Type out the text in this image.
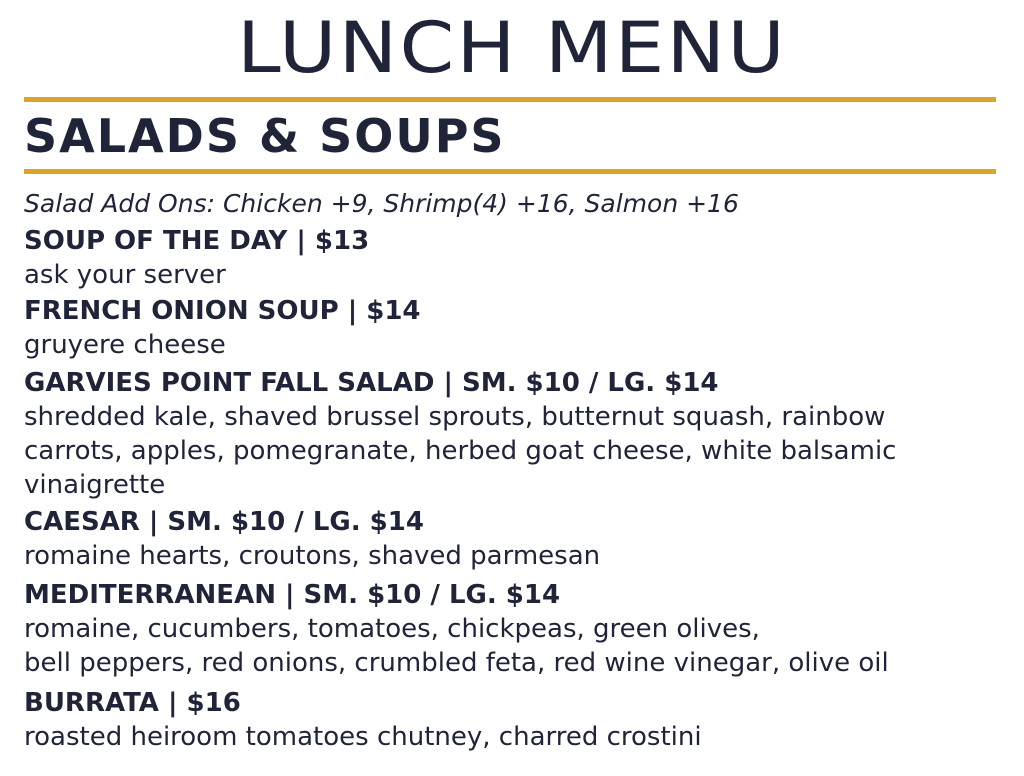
LUNCH MENU
SALADS & SOUPS
Salad Add Ons: Chicken +9, Shrimp(4) +16, Salmon +16
SOUP OF THE DAY | $13
ask your server
FRENCH ONION SOUP | $14
gruyere cheese
GARVIES POINT FALL SALAD | SM. $10 / LG. $14
shredded kale, shaved brussel sprouts, butternut squash, rainbow
carrots, apples, pomegranate, herbed goat cheese, white balsamic
vinaigrette
CAESAR | SM. $10 / LG. $14
romaine hearts, croutons, shaved parmesan
MEDITERRANEAN | SM. $10 / LG. $14
romaine, cucumbers, tomatoes, chickpeas, green olives,
bell peppers, red onions, crumbled feta, red wine vinegar, olive oil
BURRATA | $16
roasted heiroom tomatoes chutney, charred crostini
